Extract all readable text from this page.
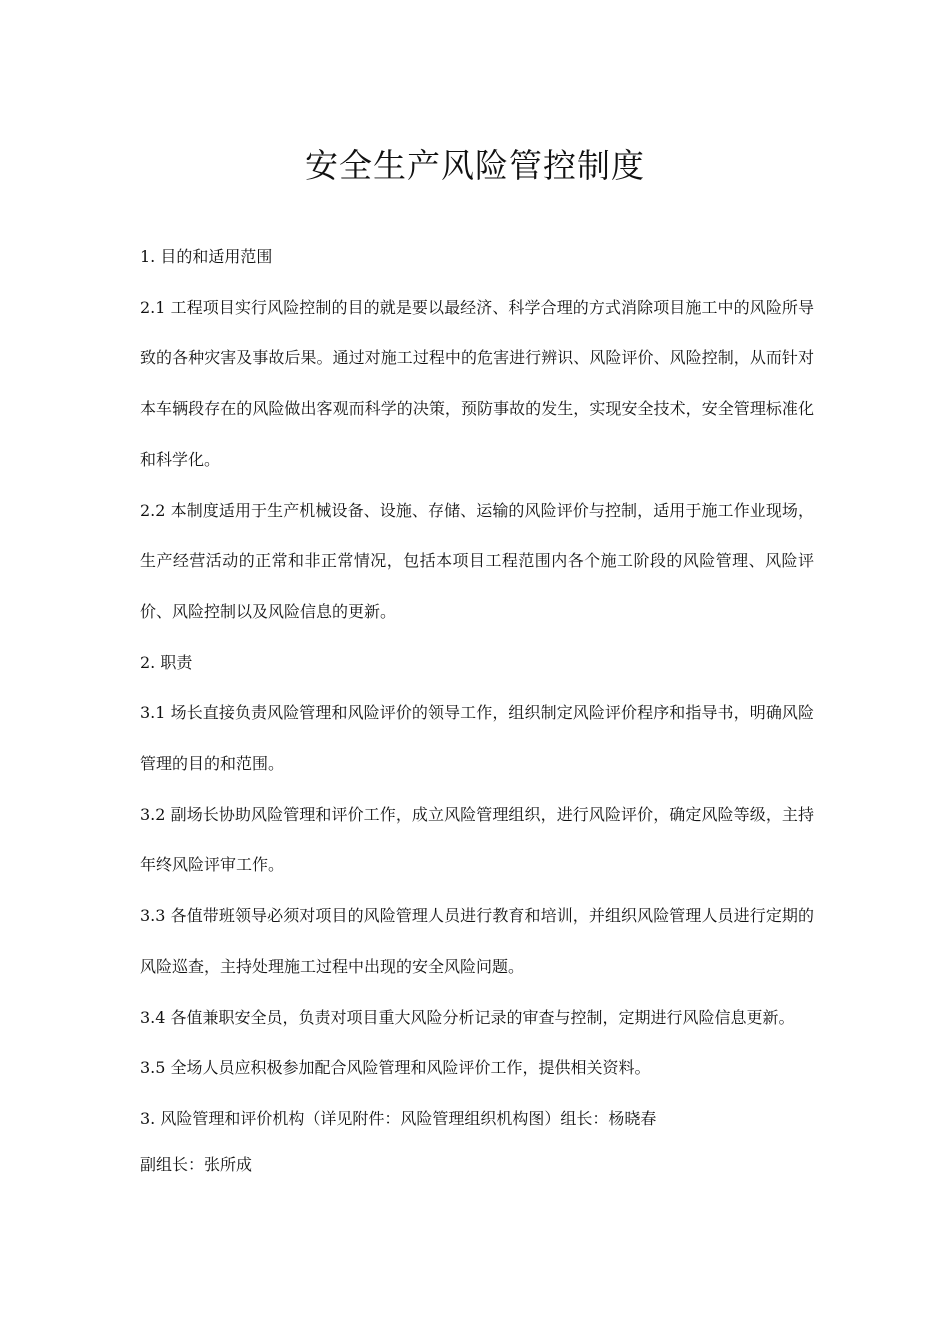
安全生产风险管控制度

1. 目的和适用范围

2.1 工程项目实行风险控制的目的就是要以最经济、科学合理的方式消除项目施工中的风险所导致的各种灾害及事故后果。通过对施工过程中的危害进行辨识、风险评价、风险控制，从而针对本车辆段存在的风险做出客观而科学的决策，预防事故的发生，实现安全技术，安全管理标准化和科学化。

2.2 本制度适用于生产机械设备、设施、存储、运输的风险评价与控制，适用于施工作业现场，生产经营活动的正常和非正常情况，包括本项目工程范围内各个施工阶段的风险管理、风险评价、风险控制以及风险信息的更新。

2. 职责

3.1 场长直接负责风险管理和风险评价的领导工作，组织制定风险评价程序和指导书，明确风险管理的目的和范围。

3.2 副场长协助风险管理和评价工作，成立风险管理组织，进行风险评价，确定风险等级，主持年终风险评审工作。

3.3 各值带班领导必须对项目的风险管理人员进行教育和培训，并组织风险管理人员进行定期的风险巡查，主持处理施工过程中出现的安全风险问题。

3.4 各值兼职安全员，负责对项目重大风险分析记录的审查与控制，定期进行风险信息更新。

3.5 全场人员应积极参加配合风险管理和风险评价工作，提供相关资料。

3. 风险管理和评价机构（详见附件：风险管理组织机构图）组长：杨晓春

副组长：张所成
